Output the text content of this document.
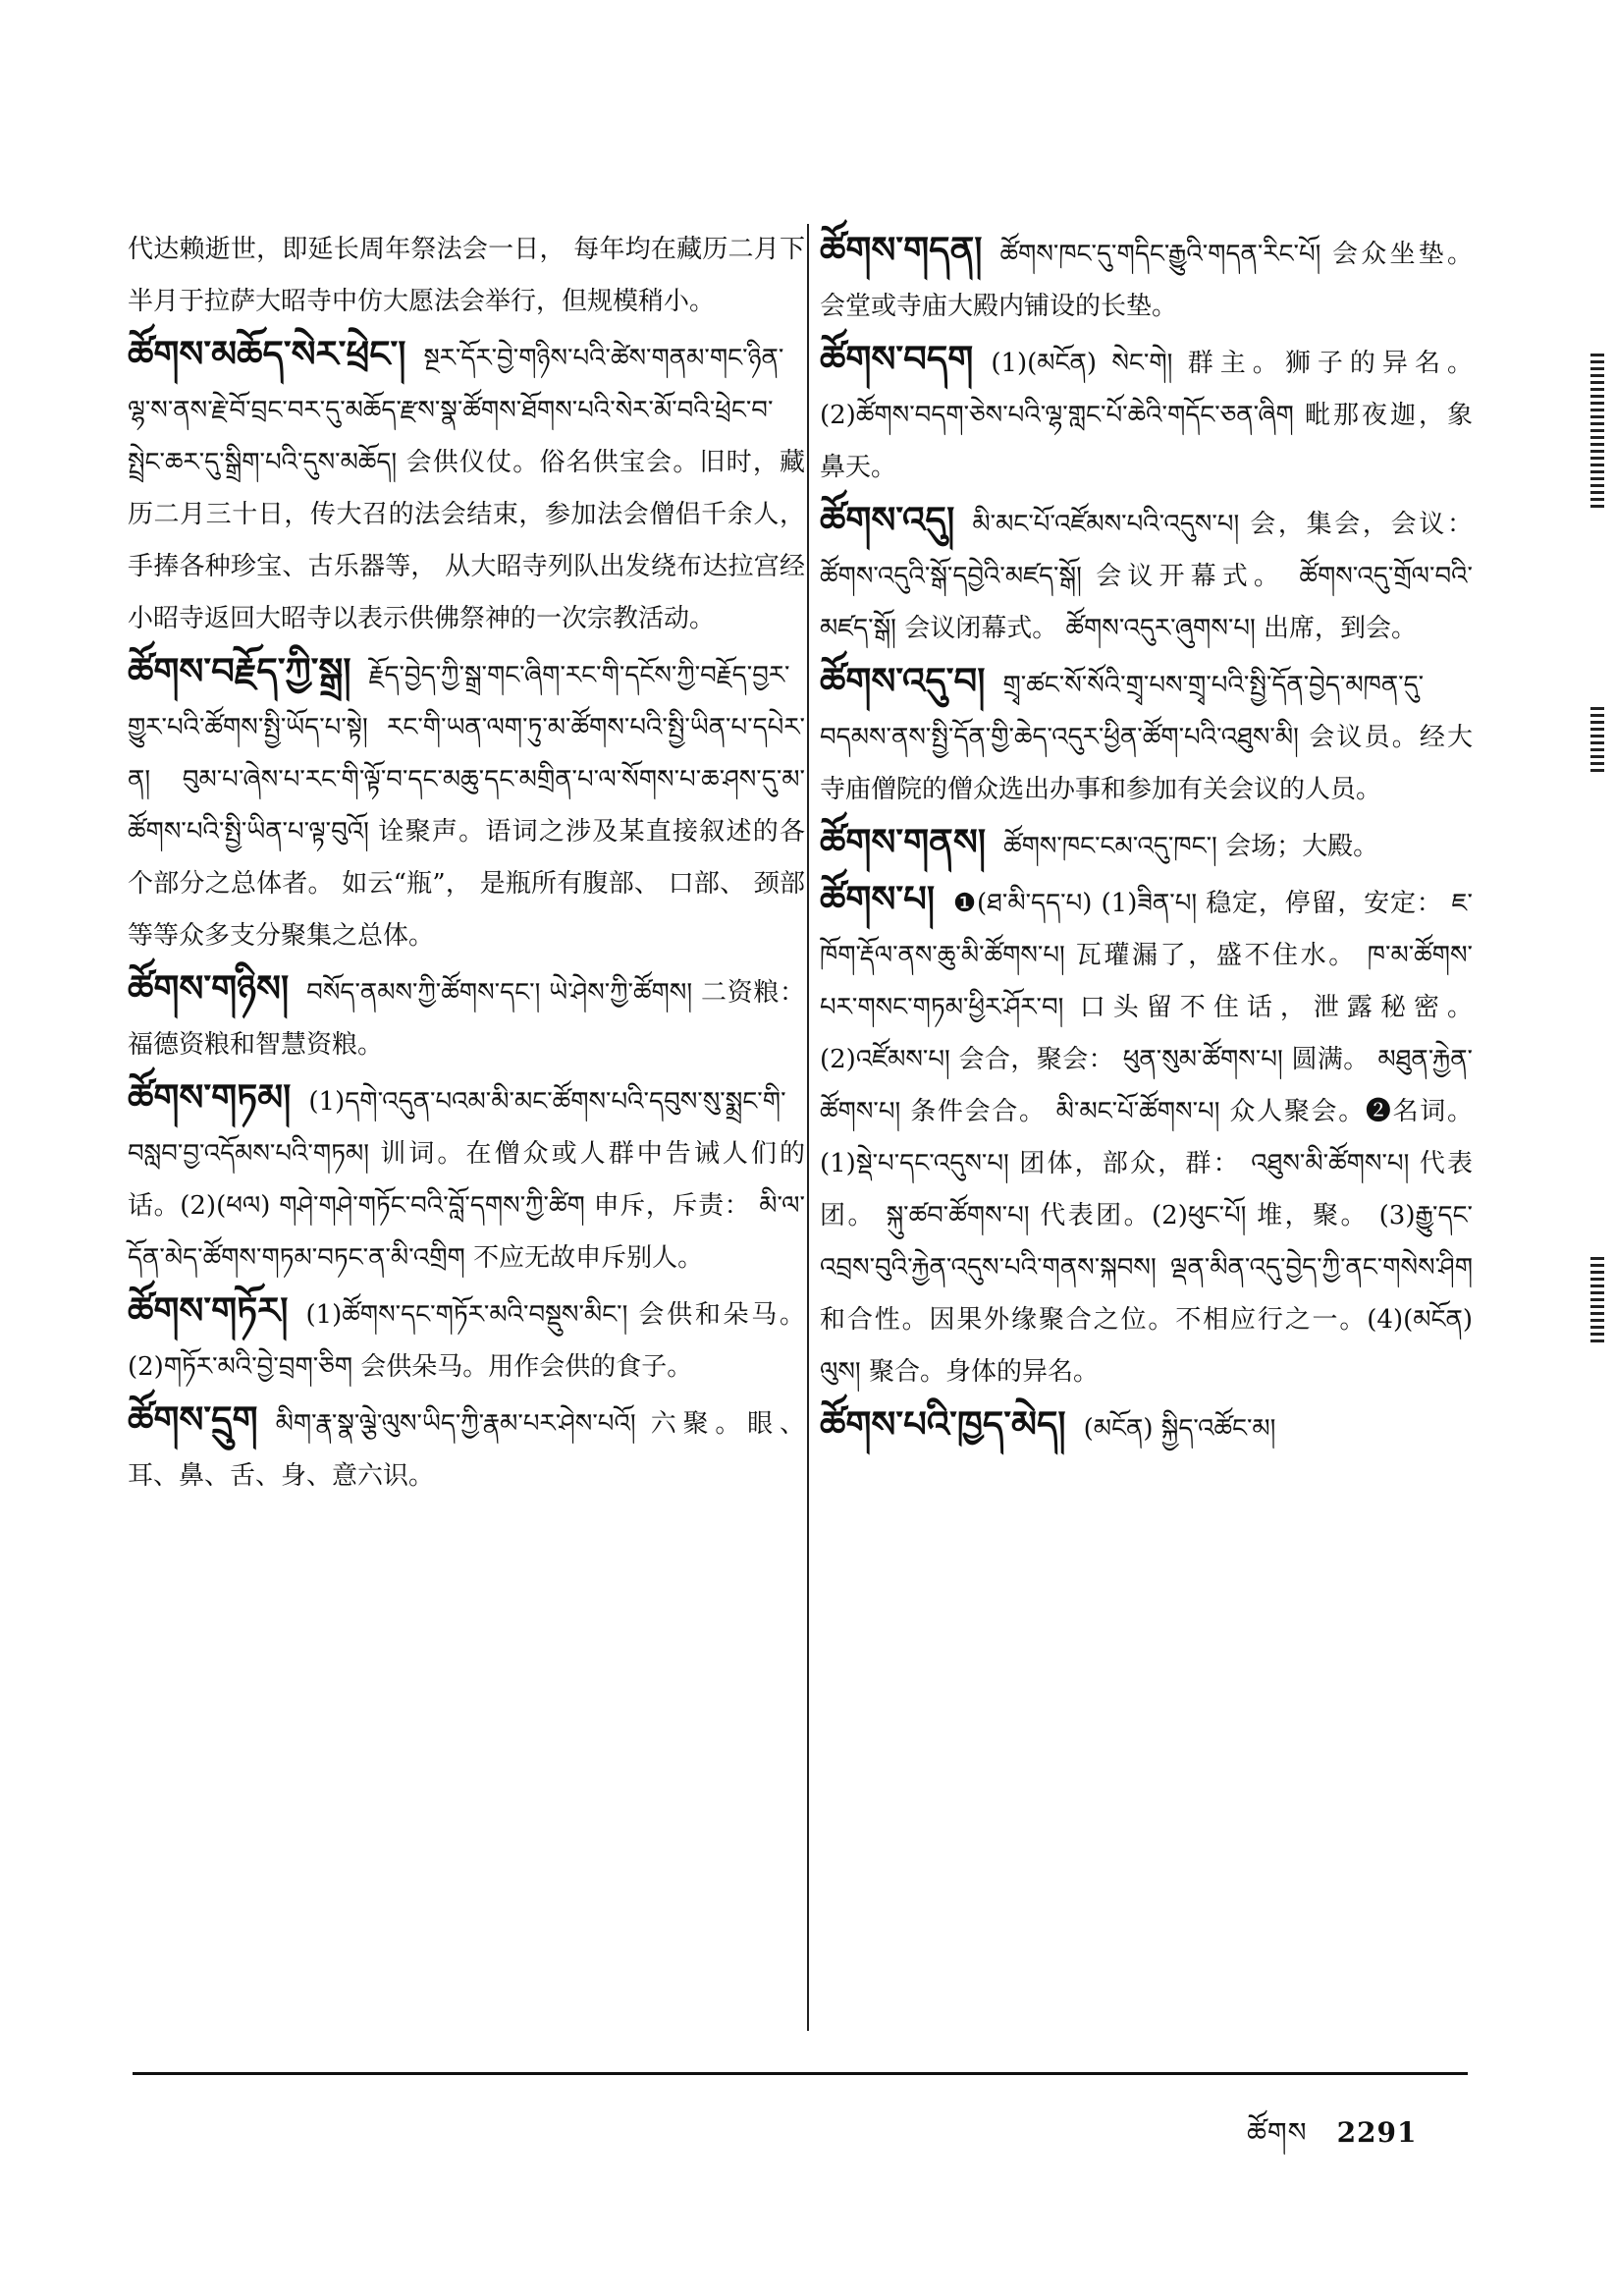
代达赖逝世，即延长周年祭法会一日， 每年均在藏历二月下半月于拉萨大昭寺中仿大愿法会举行，但规模稍小。

ཚོགས་མཆོད་སེར་ཕྲེང་། སྔར་དོར་བྱེ་གཉིས་པའི་ཚེས་གནམ་གང་ཉིན་ལྷ་ས་ནས་རྗེ་བོ་བྲང་བར་དུ་མཆོད་རྫས་སྣ་ཚོགས་ཐོགས་པའི་སེར་མོ་བའི་ཕྲེང་བ་སྤྲེང་ཆར་དུ་སྒྲིག་པའི་དུས་མཆོད། 会供仪仗。俗名供宝会。旧时，藏历二月三十日，传大召的法会结束，参加法会僧侣千余人， 手捧各种珍宝、古乐器等， 从大昭寺列队出发绕布达拉宫经小昭寺返回大昭寺以表示供佛祭神的一次宗教活动。

ཚོགས་བརྗོད་ཀྱི་སྒྲ། རྗོད་བྱེད་ཀྱི་སྒྲ་གང་ཞིག་རང་གི་དངོས་ཀྱི་བརྗོད་བྱར་གྱུར་པའི་ཚོགས་སྤྱི་ཡོད་པ་སྟེ། རང་གི་ཡན་ལག་ཏུ་མ་ཚོགས་པའི་སྤྱི་ཡིན་པ་དཔེར་ན། བུམ་པ་ཞེས་པ་རང་གི་ལྟོ་བ་དང་མཆུ་དང་མགྲིན་པ་ལ་སོགས་པ་ཆ་ཤས་དུ་མ་ཚོགས་པའི་སྤྱི་ཡིན་པ་ལྟ་བུའོ། 诠聚声。语词之涉及某直接叙述的各个部分之总体者。 如云“瓶”， 是瓶所有腹部、 口部、 颈部等等众多支分聚集之总体。

ཚོགས་གཉིས། བསོད་ནམས་ཀྱི་ཚོགས་དང་། ཡེ་ཤེས་ཀྱི་ཚོགས། 二资粮：福德资粮和智慧资粮。

ཚོགས་གཏམ། (1)དགེ་འདུན་པའམ་མི་མང་ཚོགས་པའི་དབུས་སུ་སྨྲང་གི་བསླབ་བྱ་འདོམས་པའི་གཏམ། 训词。在僧众或人群中告诫人们的话。(2)(ཕལ) གཤེ་གཤེ་གཏོང་བའི་བློ་དགས་ཀྱི་ཚིག 申斥，斥责： མི་ལ་དོན་མེད་ཚོགས་གཏམ་བཏང་ན་མི་འགྲིག 不应无故申斥别人。

ཚོགས་གཏོར། (1)ཚོགས་དང་གཏོར་མའི་བསྡུས་མིང་། 会供和朵马。(2)གཏོར་མའི་བྱེ་བྲག་ཅིག 会供朵马。用作会供的食子。

ཚོགས་དྲུག མིག་རྣ་སྣ་ལྕེ་ལུས་ཡིད་ཀྱི་རྣམ་པར་ཤེས་པའོ། 六聚。眼、耳、鼻、舌、身、意六识。

ཚོགས་གདན། ཚོགས་ཁང་དུ་གདིང་རྒྱུའི་གདན་རིང་པོ། 会众坐垫。会堂或寺庙大殿内铺设的长垫。

ཚོགས་བདག (1)(མངོན) སེང་གེ། 群主。狮子的异名。 (2)ཚོགས་བདག་ཅེས་པའི་ལྷ་གླང་པོ་ཆེའི་གདོང་ཅན་ཞིག 毗那夜迦，象鼻天。

ཚོགས་འདུ། མི་མང་པོ་འཛོམས་པའི་འདུས་པ། 会，集会，会议： ཚོགས་འདུའི་སྒོ་དབྱེའི་མཛད་སྒོ། 会议开幕式。 ཚོགས་འདུ་གྲོལ་བའི་མཛད་སྒོ། 会议闭幕式。 ཚོགས་འདུར་ཞུགས་པ། 出席，到会。

ཚོགས་འདུ་བ། གྲྭ་ཚང་སོ་སོའི་གྲྭ་པས་གྲྭ་པའི་སྤྱི་དོན་བྱེད་མཁན་དུ་བདམས་ནས་སྤྱི་དོན་གྱི་ཆེད་འདུར་ཕྱིན་ཚོག་པའི་འཐུས་མི། 会议员。经大寺庙僧院的僧众选出办事和参加有关会议的人员。

ཚོགས་གནས། ཚོགས་ཁང་ངམ་འདུ་ཁང་། 会场；大殿。

ཚོགས་པ། ❶(ཐ་མི་དད་པ) (1)ཟིན་པ། 稳定，停留，安定： ཇ་ཁོག་རྡོལ་ནས་ཆུ་མི་ཚོགས་པ། 瓦瓘漏了，盛不住水。 ཁ་མ་ཚོགས་པར་གསང་གཏམ་ཕྱིར་ཤོར་བ། 口头留不住话，泄露秘密。 (2)འཛོམས་པ། 会合，聚会： ཕུན་སུམ་ཚོགས་པ། 圆满。 མཐུན་རྐྱེན་ཚོགས་པ། 条件会合。 མི་མང་པོ་ཚོགས་པ། 众人聚会。❷名词。 (1)སྡེ་པ་དང་འདུས་པ། 团体，部众，群： འཐུས་མི་ཚོགས་པ། 代表团。 སྐུ་ཚབ་ཚོགས་པ། 代表团。(2)ཕུང་པོ། 堆，聚。 (3)རྒྱུ་དང་འབྲས་བུའི་རྐྱེན་འདུས་པའི་གནས་སྐབས། ལྡན་མིན་འདུ་བྱེད་ཀྱི་ནང་གསེས་ཤིག 和合性。因果外缘聚合之位。不相应行之一。(4)(མངོན) ལུས། 聚合。身体的异名。

ཚོགས་པའི་ཁྱད་མེད། (མངོན) སྐྱིད་འཚོང་མ།

ཚོགས 2291
